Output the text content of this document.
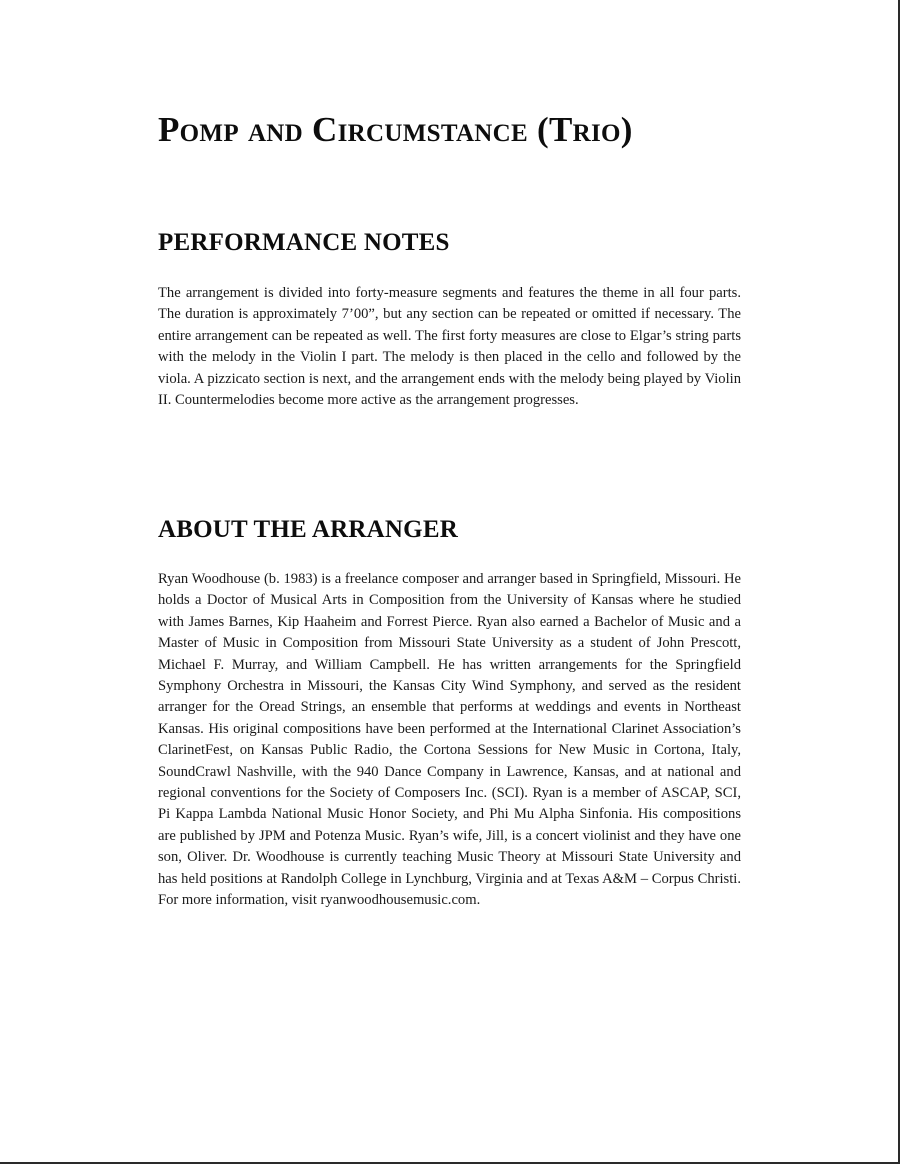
Pomp and Circumstance (Trio)
PERFORMANCE NOTES

The arrangement is divided into forty-measure segments and features the theme in all four parts. The duration is approximately 7’00”, but any section can be repeated or omitted if necessary. The entire arrangement can be repeated as well. The first forty measures are close to Elgar’s string parts with the melody in the Violin I part. The melody is then placed in the cello and followed by the viola. A pizzicato section is next, and the arrangement ends with the melody being played by Violin II. Countermelodies become more active as the arrangement progresses.

ABOUT THE ARRANGER

Ryan Woodhouse (b. 1983) is a freelance composer and arranger based in Springfield, Missouri. He holds a Doctor of Musical Arts in Composition from the University of Kansas where he studied with James Barnes, Kip Haaheim and Forrest Pierce. Ryan also earned a Bachelor of Music and a Master of Music in Composition from Missouri State University as a student of John Prescott, Michael F. Murray, and William Campbell. He has written arrangements for the Springfield Symphony Orchestra in Missouri, the Kansas City Wind Symphony, and served as the resident arranger for the Oread Strings, an ensemble that performs at weddings and events in Northeast Kansas. His original compositions have been performed at the International Clarinet Association’s ClarinetFest, on Kansas Public Radio, the Cortona Sessions for New Music in Cortona, Italy, SoundCrawl Nashville, with the 940 Dance Company in Lawrence, Kansas, and at national and regional conventions for the Society of Composers Inc. (SCI). Ryan is a member of ASCAP, SCI, Pi Kappa Lambda National Music Honor Society, and Phi Mu Alpha Sinfonia. His compositions are published by JPM and Potenza Music. Ryan’s wife, Jill, is a concert violinist and they have one son, Oliver. Dr. Woodhouse is currently teaching Music Theory at Missouri State University and has held positions at Randolph College in Lynchburg, Virginia and at Texas A&M – Corpus Christi. For more information, visit ryanwoodhousemusic.com.
